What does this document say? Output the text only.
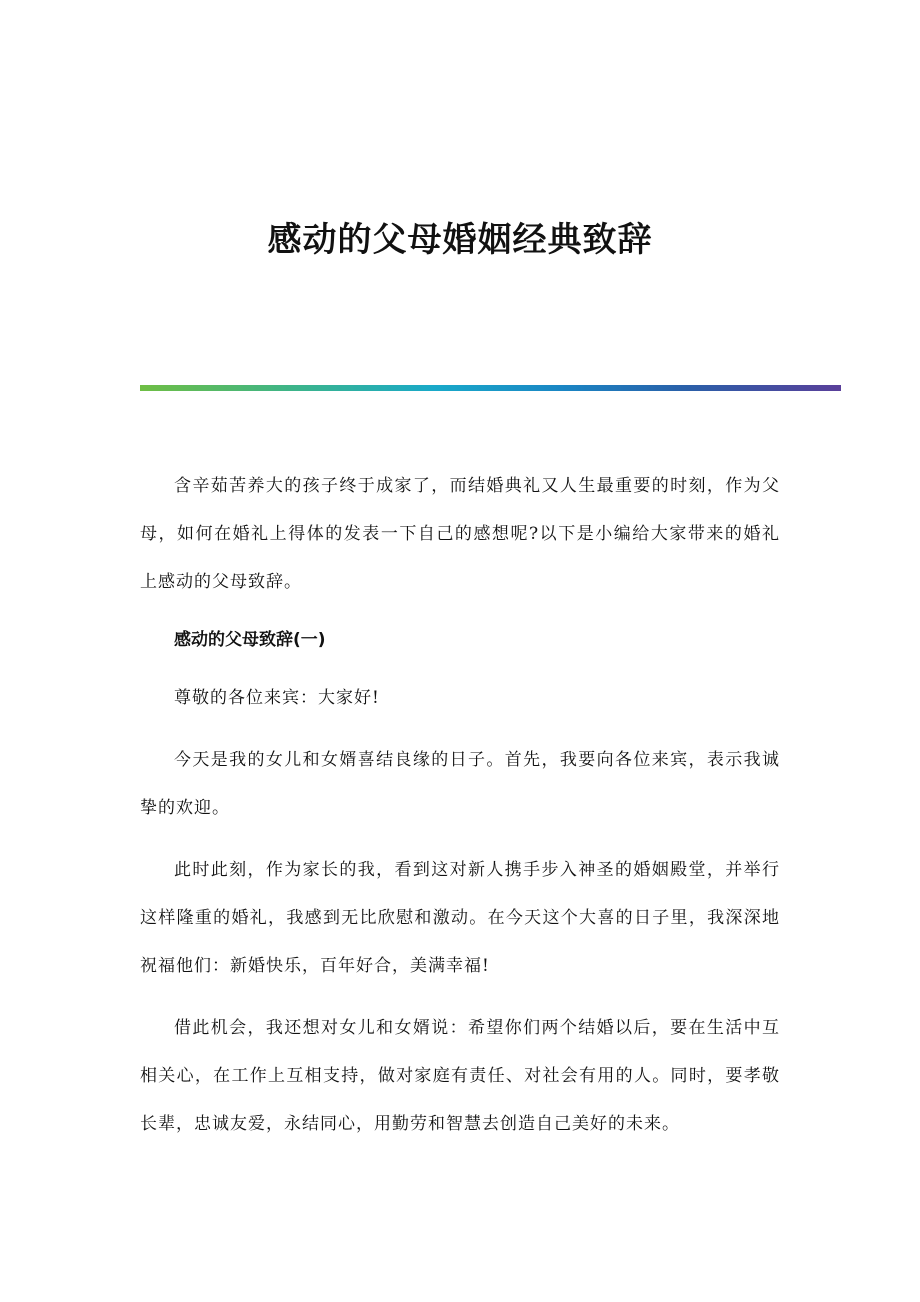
感动的父母婚姻经典致辞

含辛茹苦养大的孩子终于成家了，而结婚典礼又人生最重要的时刻，作为父母，如何在婚礼上得体的发表一下自己的感想呢?以下是小编给大家带来的婚礼上感动的父母致辞。

感动的父母致辞(一)

尊敬的各位来宾：大家好!

今天是我的女儿和女婿喜结良缘的日子。首先，我要向各位来宾，表示我诚挚的欢迎。

此时此刻，作为家长的我，看到这对新人携手步入神圣的婚姻殿堂，并举行这样隆重的婚礼，我感到无比欣慰和激动。在今天这个大喜的日子里，我深深地祝福他们：新婚快乐，百年好合，美满幸福!

借此机会，我还想对女儿和女婿说：希望你们两个结婚以后，要在生活中互相关心，在工作上互相支持，做对家庭有责任、对社会有用的人。同时，要孝敬长辈，忠诚友爱，永结同心，用勤劳和智慧去创造自己美好的未来。
